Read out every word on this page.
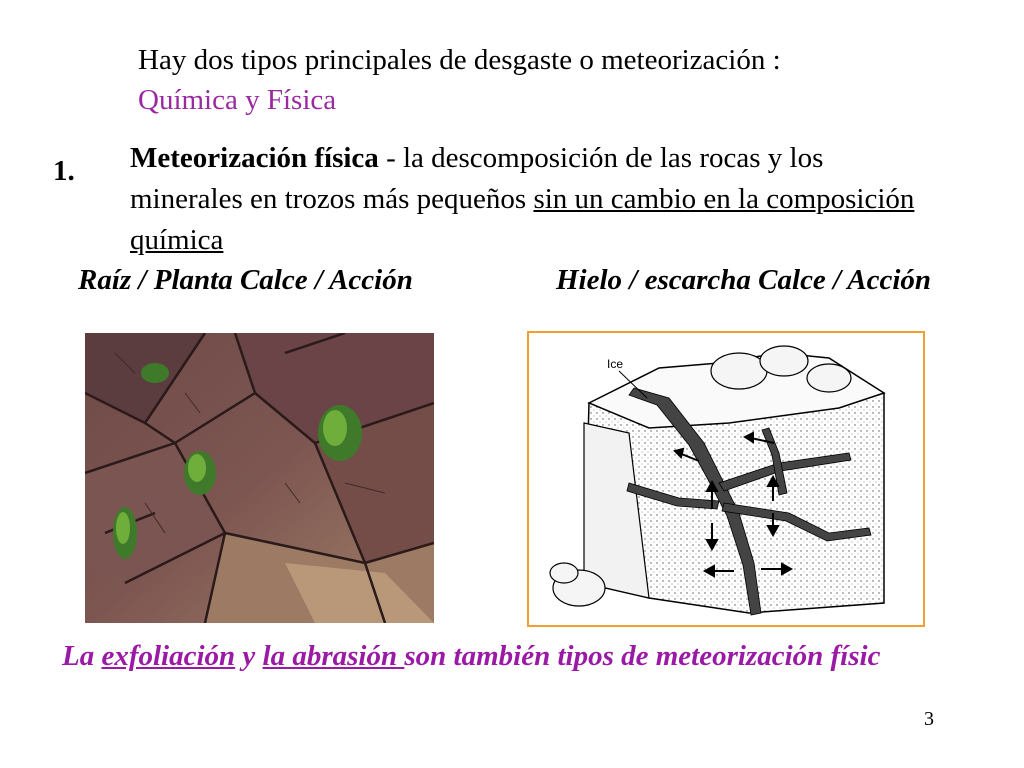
Hay dos tipos principales de desgaste o meteorización :
Química y Física
1. Meteorización física - la descomposición de las rocas y los minerales en trozos más pequeños sin un cambio en la composición química
Raíz / Planta Calce / Acción	Hielo / escarcha Calce / Acción
Ice
La exfoliación y la abrasión son también tipos de meteorización físic
3
